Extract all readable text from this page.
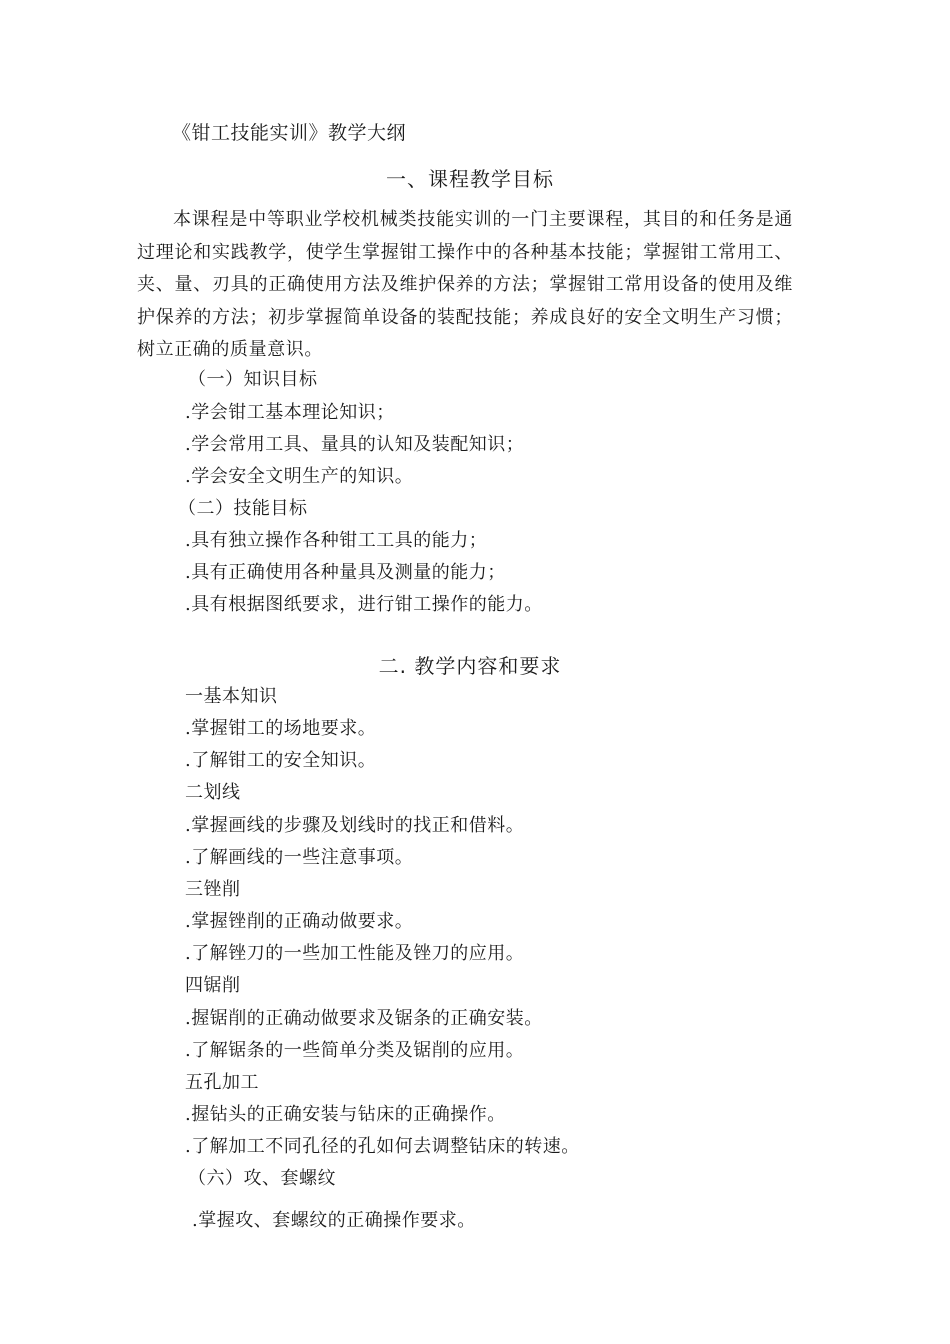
《钳工技能实训》教学大纲
一、课程教学目标

本课程是中等职业学校机械类技能实训的一门主要课程，其目的和任务是通过理论和实践教学，使学生掌握钳工操作中的各种基本技能；掌握钳工常用工、夹、量、刃具的正确使用方法及维护保养的方法；掌握钳工常用设备的使用及维护保养的方法；初步掌握简单设备的装配技能；养成良好的安全文明生产习惯；树立正确的质量意识。

（一）知识目标
.学会钳工基本理论知识；
.学会常用工具、量具的认知及装配知识；
.学会安全文明生产的知识。
（二）技能目标
.具有独立操作各种钳工工具的能力；
.具有正确使用各种量具及测量的能力；
.具有根据图纸要求，进行钳工操作的能力。
二. 教学内容和要求
一基本知识
.掌握钳工的场地要求。
.了解钳工的安全知识。
二划线
.掌握画线的步骤及划线时的找正和借料。
.了解画线的一些注意事项。
三锉削
.掌握锉削的正确动做要求。
.了解锉刀的一些加工性能及锉刀的应用。
四锯削
.握锯削的正确动做要求及锯条的正确安装。
.了解锯条的一些简单分类及锯削的应用。
五孔加工
.握钻头的正确安装与钻床的正确操作。
.了解加工不同孔径的孔如何去调整钻床的转速。
（六）攻、套螺纹
.掌握攻、套螺纹的正确操作要求。
